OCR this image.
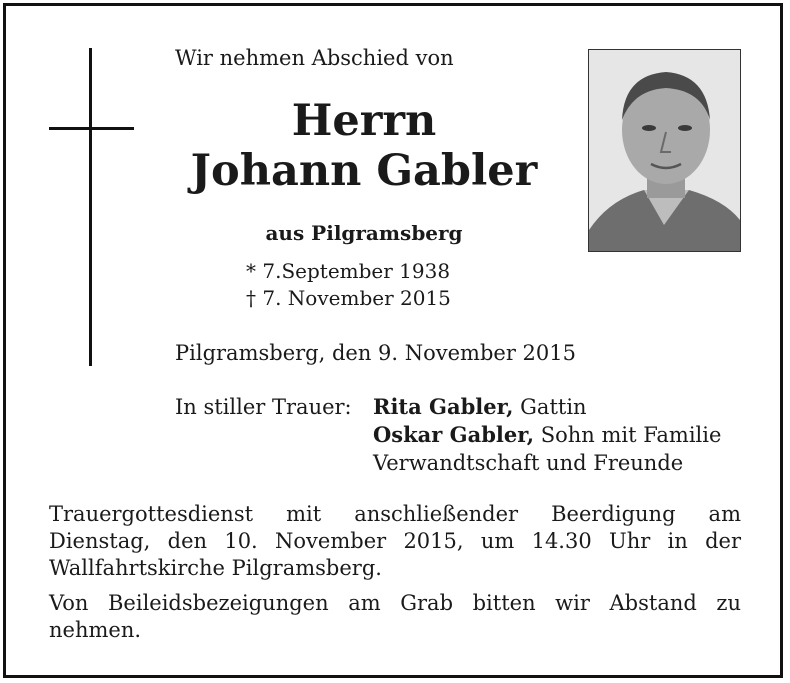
Wir nehmen Abschied von
Herrn
Johann Gabler
aus Pilgramsberg
* 7.September 1938
† 7. November 2015
Pilgramsberg, den 9. November 2015
In stiller Trauer: Rita Gabler, Gattin
Oskar Gabler, Sohn mit Familie
Verwandtschaft und Freunde
Trauergottesdienst mit anschließender Beerdigung am Dienstag, den 10. November 2015, um 14.30 Uhr in der Wallfahrtskirche Pilgramsberg.
Von Beileidsbezeigungen am Grab bitten wir Abstand zu nehmen.
